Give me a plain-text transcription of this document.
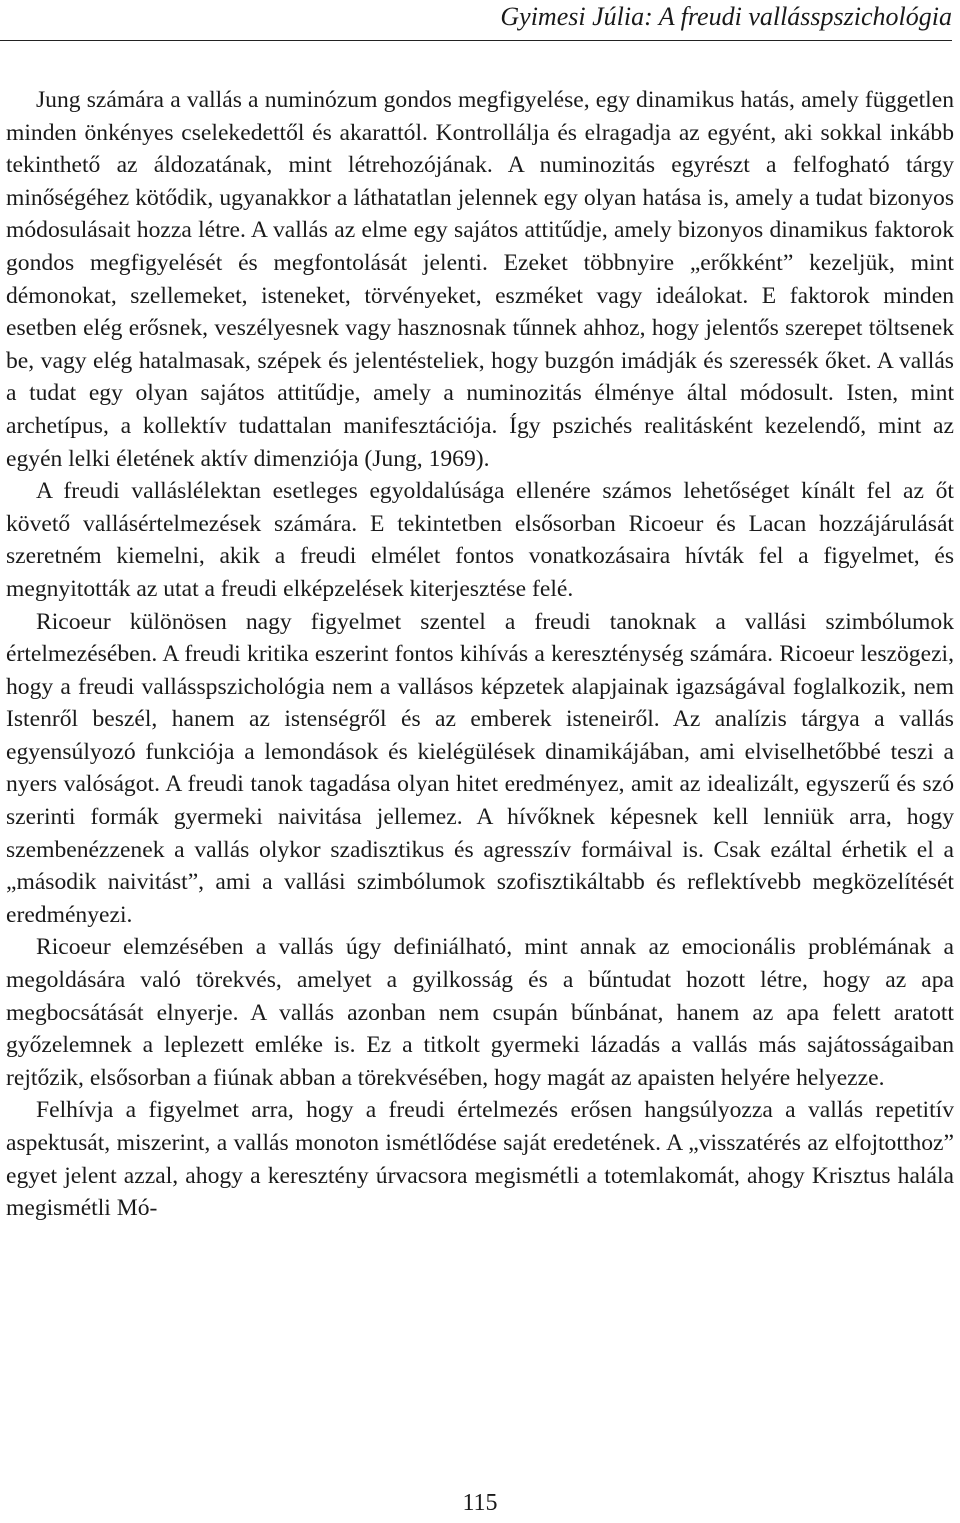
Gyimesi Júlia: A freudi vallásspszichológia

Jung számára a vallás a numinózum gondos megfigyelése, egy dinamikus hatás, amely független minden önkényes cselekedettől és akarattól. Kontrollálja és elragadja az egyént, aki sokkal inkább tekinthető az áldozatának, mint létrehozójának. A numinozitás egyrészt a felfogható tárgy minőségéhez kötődik, ugyanakkor a láthatatlan jelennek egy olyan hatása is, amely a tudat bizonyos módosulásait hozza létre. A vallás az elme egy sajátos attitűdje, amely bizonyos dinamikus faktorok gondos megfigyelését és megfontolását jelenti. Ezeket többnyire „erőkként” kezeljük, mint démonokat, szellemeket, isteneket, törvényeket, eszméket vagy ideálokat. E faktorok minden esetben elég erősnek, veszélyesnek vagy hasznosnak tűnnek ahhoz, hogy jelentős szerepet töltsenek be, vagy elég hatalmasak, szépek és jelentésteliek, hogy buzgón imádják és szeressék őket. A vallás a tudat egy olyan sajátos attitűdje, amely a numinozitás élménye által módosult. Isten, mint archetípus, a kollektív tudattalan manifesztációja. Így pszichés realitásként kezelendő, mint az egyén lelki életének aktív dimenziója (Jung, 1969).

A freudi valláslélektan esetleges egyoldalúsága ellenére számos lehetőséget kínált fel az őt követő vallásértelmezések számára. E tekintetben elsősorban Ricoeur és Lacan hozzájárulását szeretném kiemelni, akik a freudi elmélet fontos vonatkozásaira hívták fel a figyelmet, és megnyitották az utat a freudi elképzelések kiterjesztése felé.

Ricoeur különösen nagy figyelmet szentel a freudi tanoknak a vallási szimbólumok értelmezésében. A freudi kritika eszerint fontos kihívás a kereszténység számára. Ricoeur leszögezi, hogy a freudi vallásspszichológia nem a vallásos képzetek alapjainak igazságával foglalkozik, nem Istenről beszél, hanem az istenségről és az emberek isteneiről. Az analízis tárgya a vallás egyensúlyozó funkciója a lemondások és kielégülések dinamikájában, ami elviselhetőbbé teszi a nyers valóságot. A freudi tanok tagadása olyan hitet eredményez, amit az idealizált, egyszerű és szó szerinti formák gyermeki naivitása jellemez. A hívőknek képesnek kell lenniük arra, hogy szembenézzenek a vallás olykor szadisztikus és agresszív formáival is. Csak ezáltal érhetik el a „második naivitást”, ami a vallási szimbólumok szofisztikáltabb és reflektívebb megközelítését eredményezi.

Ricoeur elemzésében a vallás úgy definiálható, mint annak az emocionális problémának a megoldására való törekvés, amelyet a gyilkosság és a bűntudat hozott létre, hogy az apa megbocsátását elnyerje. A vallás azonban nem csupán bűnbánat, hanem az apa felett aratott győzelemnek a leplezett emléke is. Ez a titkolt gyermeki lázadás a vallás más sajátosságaiban rejtőzik, elsősorban a fiúnak abban a törekvésében, hogy magát az apaisten helyére helyezze.

Felhívja a figyelmet arra, hogy a freudi értelmezés erősen hangsúlyozza a vallás repetitív aspektusát, miszerint, a vallás monoton ismétlődése saját eredetének. A „visszatérés az elfojtotthoz” egyet jelent azzal, ahogy a keresztény úrvacsora megismétli a totemlakomát, ahogy Krisztus halála megismétli Mó-

115
